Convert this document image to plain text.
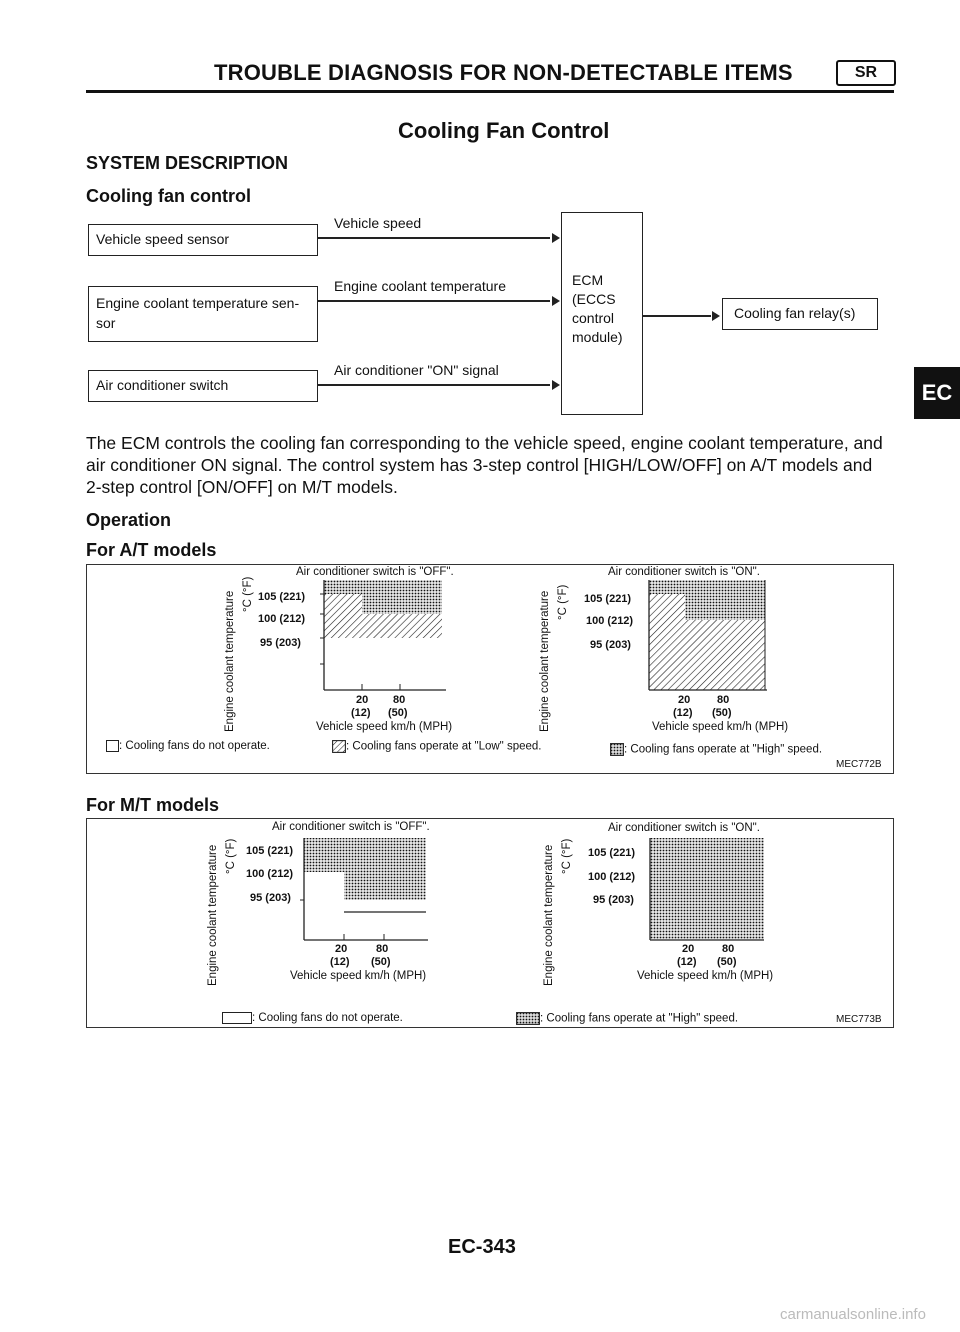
TROUBLE DIAGNOSIS FOR NON-DETECTABLE ITEMS	SR
Cooling Fan Control
SYSTEM DESCRIPTION
Cooling fan control
Vehicle speed sensor
Engine coolant temperature sen-
sor
Air conditioner switch
Vehicle speed
Engine coolant temperature
Air conditioner "ON" signal
ECM
(ECCS
control
module)
Cooling fan relay(s)
EC
The ECM controls the cooling fan corresponding to the vehicle speed, engine coolant temperature, and air conditioner ON signal. The control system has 3-step control [HIGH/LOW/OFF] on A/T models and 2-step control [ON/OFF] on M/T models.
Operation
For A/T models
Air conditioner switch is "OFF".
Engine coolant temperature °C (°F) 105 (221)
100 (212)
95 (203)
20 80
(12) (50)
Vehicle speed km/h (MPH)
Air conditioner switch is "ON".
Engine coolant temperature °C (°F) 105 (221)
100 (212)
95 (203)
20 80
(12) (50)
Vehicle speed km/h (MPH)
: Cooling fans do not operate.	: Cooling fans operate at "Low" speed.	: Cooling fans operate at "High" speed.
MEC772B
For M/T models
Air conditioner switch is "OFF".
Engine coolant temperature °C (°F) 105 (221)
100 (212)
95 (203)
20	80
(12) (50)
Vehicle speed km/h (MPH)
Air conditioner switch is "ON".
Engine coolant temperature °C (°F) 105 (221)
100 (212)
95 (203)
20	80
(12) (50)
Vehicle speed km/h (MPH)
: Cooling fans do not operate.	: Cooling fans operate at "High" speed.	MEC773B
EC-343
carmanualsonline.info
